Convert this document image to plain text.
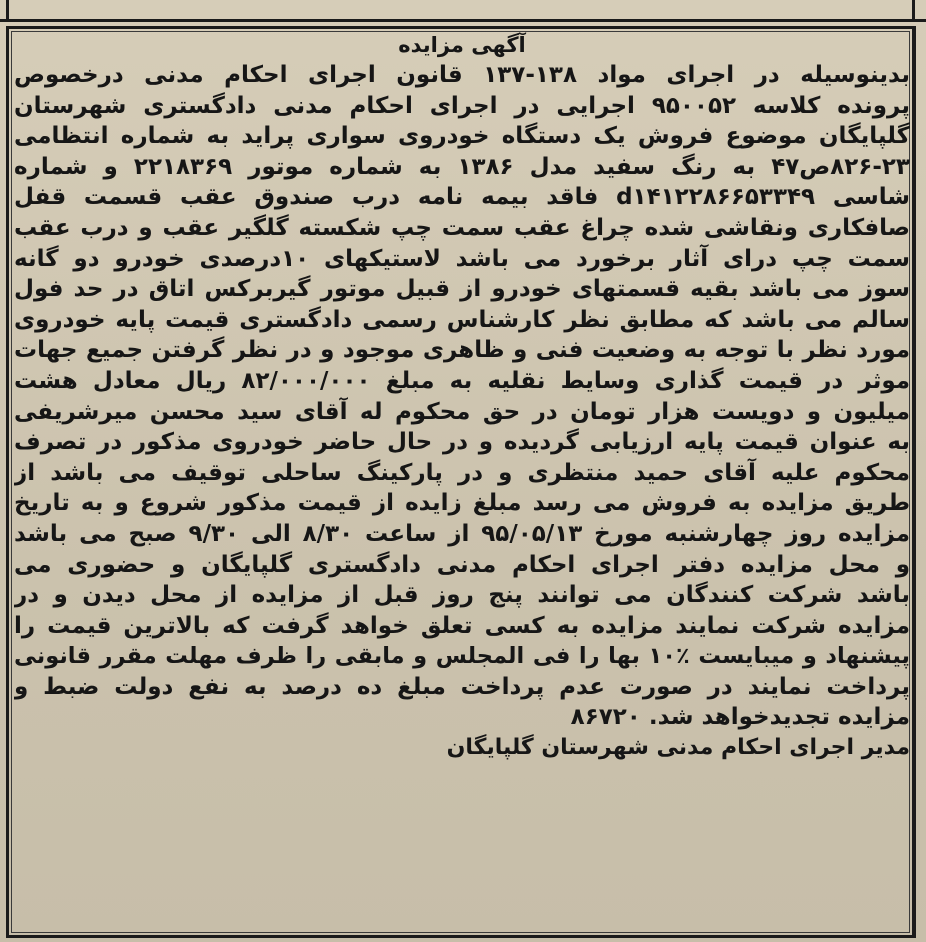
آگهی مزایده
بدینوسیله در اجرای مواد ۱۳۸-۱۳۷ قانون اجرای احکام مدنی درخصوص
پرونده کلاسه ۹۵۰۰۵۲ اجرایی در اجرای احکام مدنی دادگستری شهرستان
گلپایگان موضوع فروش یک دستگاه خودروی سواری پراید به شماره انتظامی
۸۲۶-۲۳ص۴۷ به رنگ سفید مدل ۱۳۸۶ به شماره موتور ۲۲۱۸۳۶۹ و شماره
شاسی d۱۴۱۲۲۸۶۶۵۳۳۴۹ فاقد بیمه نامه درب صندوق عقب قسمت قفل
صافکاری ونقاشی شده چراغ عقب سمت چپ شکسته گلگیر عقب و درب عقب
سمت چپ درای آثار برخورد می باشد لاستیکهای ۱۰درصدی خودرو دو گانه
سوز می باشد بقیه قسمتهای خودرو از قبیل موتور گیربرکس اتاق در حد فول
سالم می باشد که مطابق نظر کارشناس رسمی دادگستری قیمت پایه خودروی
مورد نظر با توجه به وضعیت فنی و ظاهری موجود و در نظر گرفتن جمیع جهات
موثر در قیمت گذاری وسایط نقلیه به مبلغ ۸۲/۰۰۰/۰۰۰ ریال معادل هشت
میلیون و دویست هزار تومان در حق محکوم له آقای سید محسن میرشریفی
به عنوان قیمت پایه ارزیابی گردیده و در حال حاضر خودروی مذکور در تصرف
محکوم علیه آقای حمید منتظری و در پارکینگ ساحلی توقیف می باشد از
طریق مزایده به فروش می رسد مبلغ زایده از قیمت مذکور شروع و به تاریخ
مزایده روز چهارشنبه مورخ ۹۵/۰۵/۱۳ از ساعت ۸/۳۰ الی ۹/۳۰ صبح می باشد
و محل مزایده دفتر اجرای احکام مدنی دادگستری گلپایگان و حضوری می
باشد شرکت کنندگان می توانند پنج روز قبل از مزایده از محل دیدن و در
مزایده شرکت نمایند مزایده به کسی تعلق خواهد گرفت که بالاترین قیمت را
پیشنهاد و میبایست ٪۱۰ بها را فی المجلس و مابقی را ظرف مهلت مقرر قانونی
پرداخت نمایند در صورت عدم پرداخت مبلغ ده درصد به نفع دولت ضبط و
مزایده تجدیدخواهد شد. ۸۶۷۲۰

مدیر اجرای احکام مدنی شهرستان گلپایگان
